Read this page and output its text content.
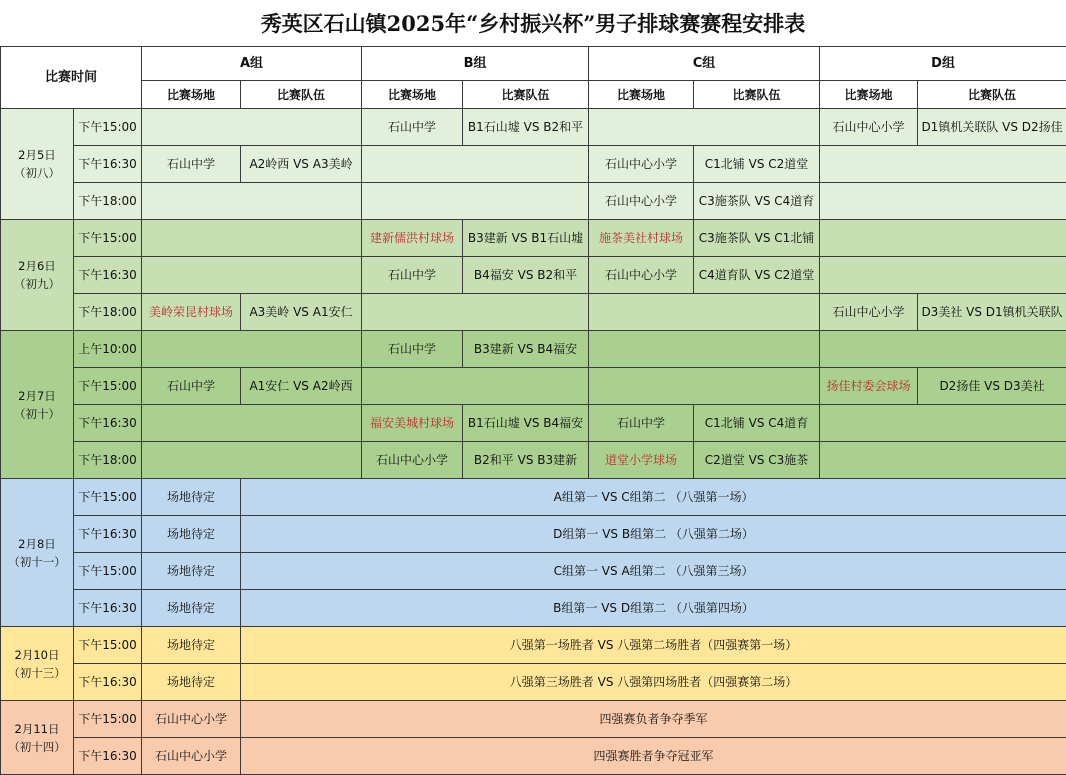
秀英区石山镇2025年“乡村振兴杯”男子排球赛赛程安排表
比赛时间		A组		B组		C组		D组	
		比赛场地	比赛队伍	比赛场地	比赛队伍	比赛场地	比赛队伍	比赛场地	比赛队伍

2月5日
（初八）	下午15:00			石山中学	B1石山墟 VS B2和平			石山中心小学	D1镇机关联队 VS D2扬佳
	下午16:30	石山中学	A2岭西 VS A3美岭			石山中心小学	C1北铺 VS C2道堂		
	下午18:00					石山中心小学	C3施茶队 VS C4道育		

2月6日
（初九）	下午15:00			建新儒洪村球场	B3建新 VS B1石山墟	施茶美社村球场	C3施茶队 VS C1北铺		
	下午16:30			石山中学	B4福安 VS B2和平	石山中心小学	C4道育队 VS C2道堂		
	下午18:00	美岭荣昆村球场	A3美岭 VS A1安仁					石山中心小学	D3美社 VS D1镇机关联队

2月7日
（初十）	上午10:00			石山中学	B3建新 VS B4福安				
	下午15:00	石山中学	A1安仁 VS A2岭西					扬佳村委会球场	D2扬佳 VS D3美社
	下午16:30			福安美城村球场	B1石山墟 VS B4福安	石山中学	C1北铺 VS C4道育		
	下午18:00			石山中心小学	B2和平 VS B3建新	道堂小学球场	C2道堂 VS C3施茶		

2月8日
（初十一）	下午15:00	场地待定	A组第一 VS C组第二 （八强第一场）						
	下午16:30	场地待定	D组第一 VS B组第二 （八强第二场）						
	下午15:00	场地待定	C组第一 VS A组第二 （八强第三场）						
	下午16:30	场地待定	B组第一 VS D组第二 （八强第四场）						

2月10日
（初十三）	下午15:00	场地待定	八强第一场胜者 VS 八强第二场胜者（四强赛第一场）						
	下午16:30	场地待定	八强第三场胜者 VS 八强第四场胜者（四强赛第二场）						

2月11日
（初十四）	下午15:00	石山中心小学	四强赛负者争夺季军						
	下午16:30	石山中心小学	四强赛胜者争夺冠亚军						
